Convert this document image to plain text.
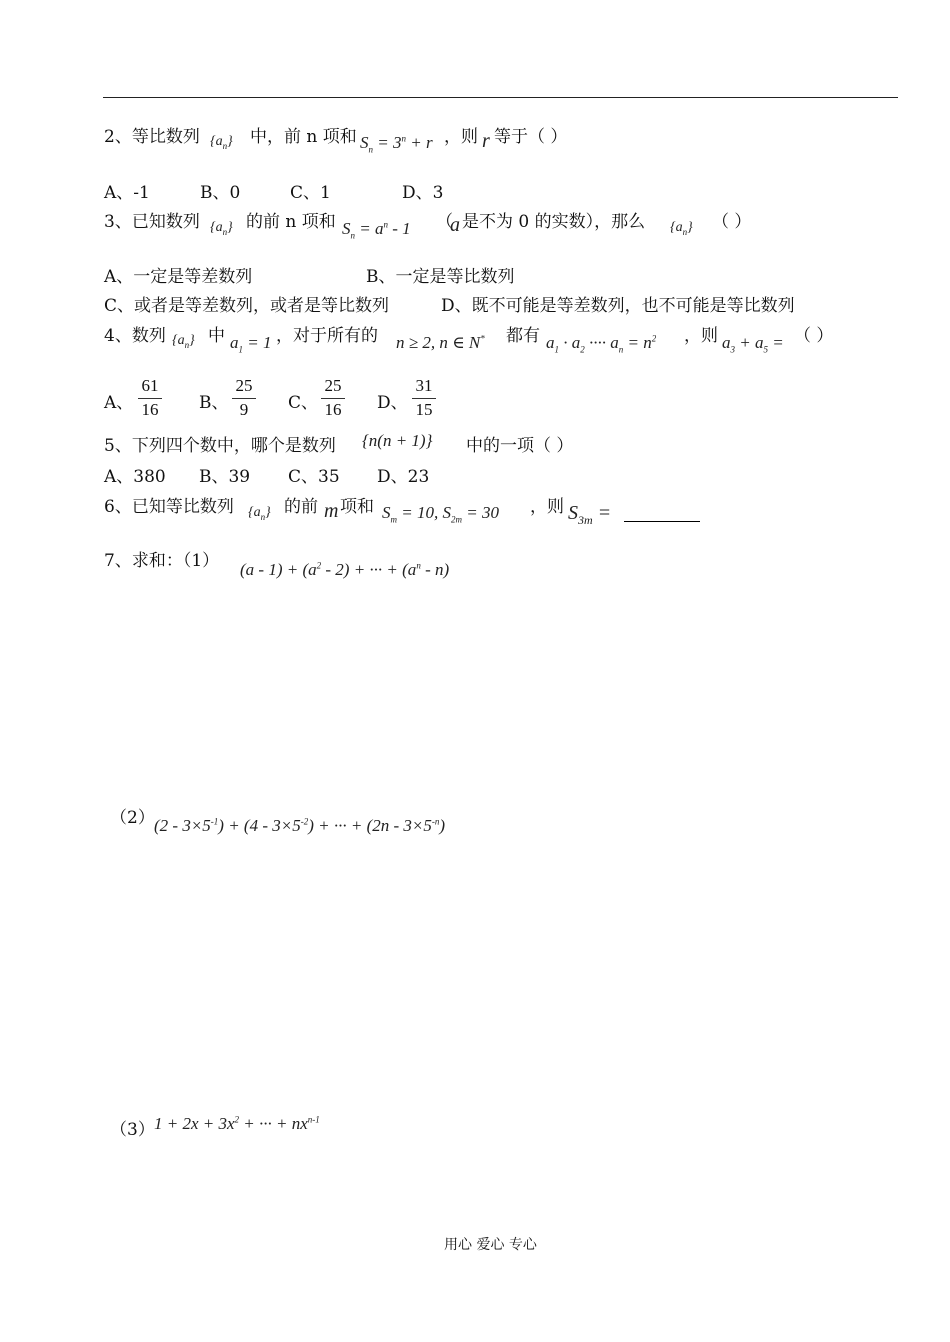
2、等比数列 $\{a_n\}$ 中，前 n 项和 $S_n = 3^n + r$ ，则 r 等于（ ）
A、-1	B、0	C、1	D、3
3、已知数列 $\{a_n\}$ 的前 n 项和 $S_n = a^n - 1$ （
a 是不为 0 的实数），那么 $\{a_n\}$ （ ）
A、一定是等差数列	B、一定是等比数列
C、或者是等差数列，或者是等比数列	D、既不可能是等差数列，也不可能是等比数列
4、数列 $\{a_n\}$ 中 $a_1 = 1$ ，对于所有的 n ≥ 2, n ∈ N* 都有 $a_1 \cdot a_2$ ···· $a_n = n^2$ ，则 $a_3 + a_5$ = （ ）
A、
61
16 B、
25
9	C、
25
16 D、
31
15
5、下列四个数中，哪个是数列 {n(n + 1)} 中的一项（ ）
A、380 B、39 C、35 D、23
6、已知等比数列 $\{a_n\}$ 的前 m 项和 $S_m = 10$, $S_{2m} = 30$ ，则 $S_{3m}$ =
7、求和：（1） $(a - 1) + (a^2 - 2)$ + ··· + $(a^n - n)$
（2） $(2 - 3\times 5^{-1}) + (4 - 3\times 5^{-2})$ + ··· + $(2n - 3\times 5^{-n})$
（3） $1 + 2x + 3x^2$ + ··· + $nx^{n-1}$
用心 爱心 专心
